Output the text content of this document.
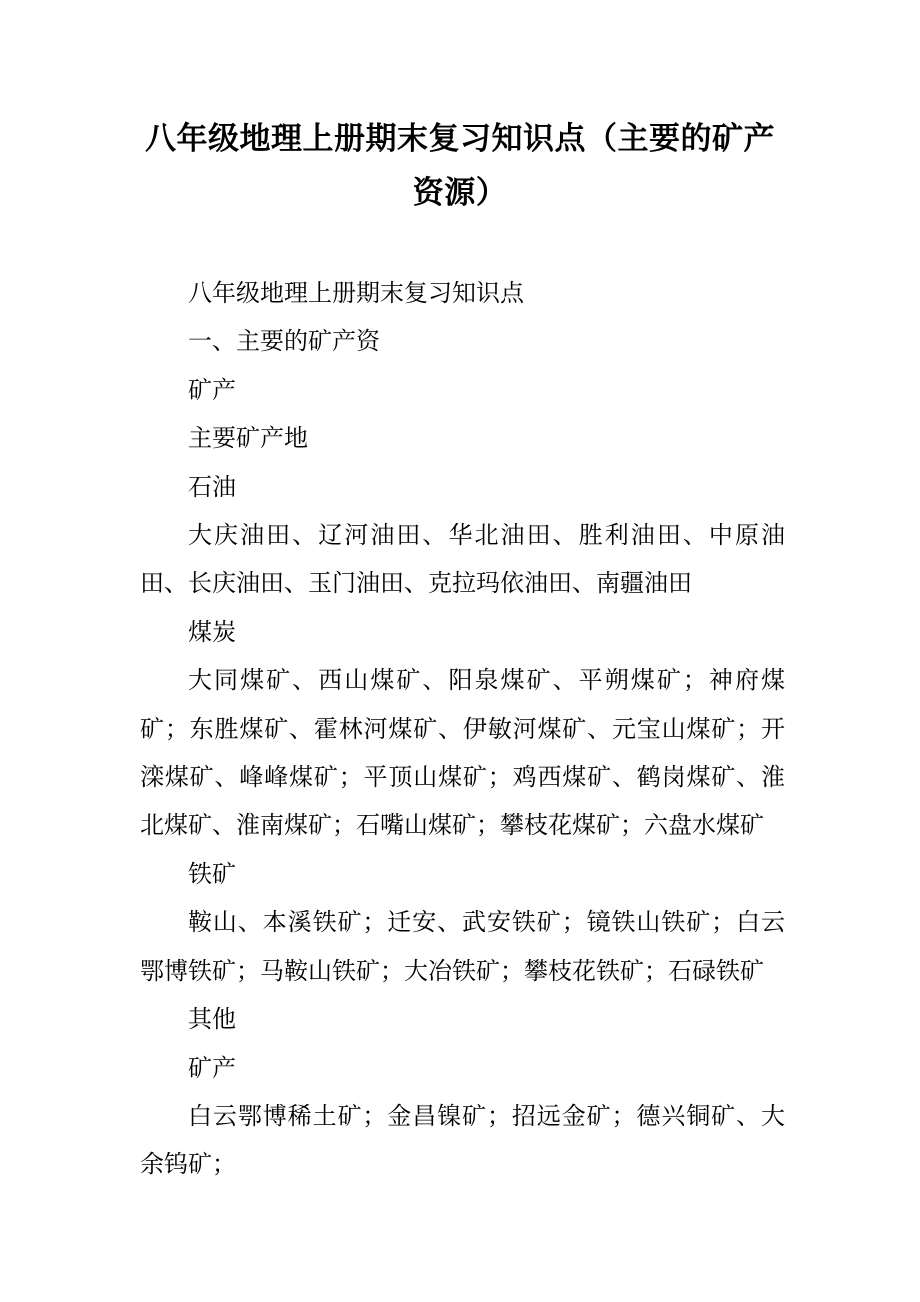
八年级地理上册期末复习知识点（主要的矿产资源）

八年级地理上册期末复习知识点

一、主要的矿产资

矿产

主要矿产地

石油

大庆油田、辽河油田、华北油田、胜利油田、中原油田、长庆油田、玉门油田、克拉玛依油田、南疆油田

煤炭

大同煤矿、西山煤矿、阳泉煤矿、平朔煤矿；神府煤矿；东胜煤矿、霍林河煤矿、伊敏河煤矿、元宝山煤矿；开滦煤矿、峰峰煤矿；平顶山煤矿；鸡西煤矿、鹤岗煤矿、淮北煤矿、淮南煤矿；石嘴山煤矿；攀枝花煤矿；六盘水煤矿

铁矿

鞍山、本溪铁矿；迁安、武安铁矿；镜铁山铁矿；白云鄂博铁矿；马鞍山铁矿；大冶铁矿；攀枝花铁矿；石碌铁矿

其他

矿产

白云鄂博稀土矿；金昌镍矿；招远金矿；德兴铜矿、大余钨矿；
